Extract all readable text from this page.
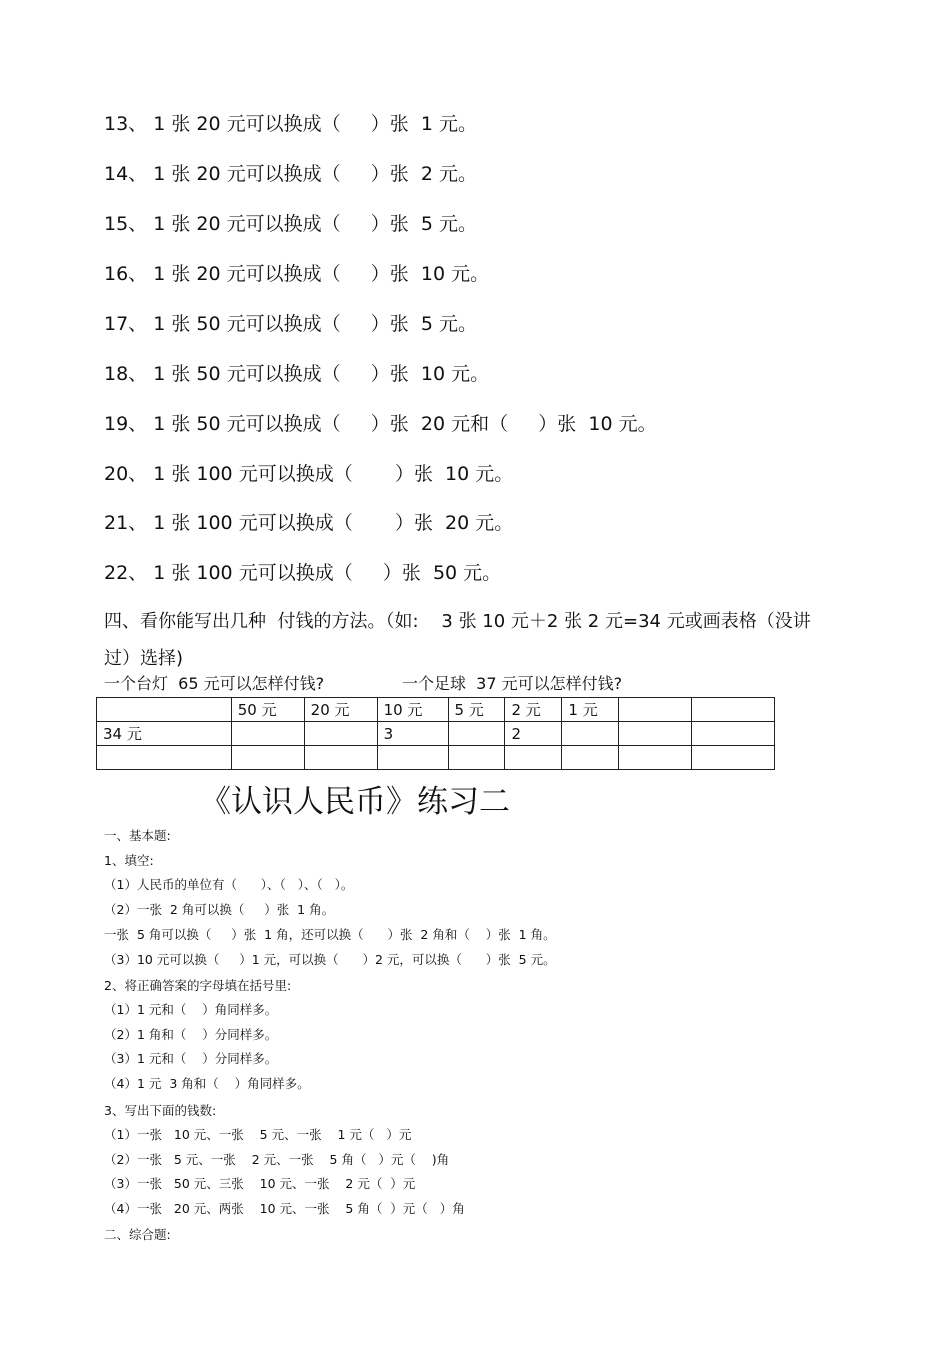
13、 1 张 20 元可以换成（     ）张  1 元。
14、 1 张 20 元可以换成（     ）张  2 元。
15、 1 张 20 元可以换成（     ）张  5 元。
16、 1 张 20 元可以换成（     ）张  10 元。
17、 1 张 50 元可以换成（     ）张  5 元。
18、 1 张 50 元可以换成（     ）张  10 元。
19、 1 张 50 元可以换成（     ）张  20 元和（     ）张  10 元。
20、 1 张 100 元可以换成（       ）张  10 元。
21、 1 张 100 元可以换成（       ）张  20 元。
22、 1 张 100 元可以换成（     ）张  50 元。
四、看你能写出几种  付钱的方法。（如:    3 张 10 元＋2 张 2 元=34 元或画表格（没讲
过）选择)
一个台灯  65 元可以怎样付钱?	一个足球  37 元可以怎样付钱?
	50 元	20 元	10 元	5 元	2 元	1 元		
34 元			3		2			

《认识人民币》练习二
一、基本题:
1、填空:
（1）人民币的单位有（      ）、（   ）、（   ）。
（2）一张  2 角可以换（     ）张  1 角。
一张  5 角可以换（     ）张  1 角，还可以换（      ）张  2 角和（    ）张  1 角。
（3）10 元可以换（     ）1 元，可以换（      ）2 元，可以换（      ）张  5 元。
2、将正确答案的字母填在括号里:
（1）1 元和（    ）角同样多。
（2）1 角和（    ）分同样多。
（3）1 元和（    ）分同样多。
（4）1 元  3 角和（    ）角同样多。
3、写出下面的钱数:
（1）一张   10 元、一张    5 元、一张    1 元（   ）元
（2）一张   5 元、一张    2 元、一张    5 角（   ）元（    )角
（3）一张   50 元、三张    10 元、一张    2 元（  ）元
（4）一张   20 元、两张    10 元、一张    5 角（  ）元（   ）角
二、综合题:
